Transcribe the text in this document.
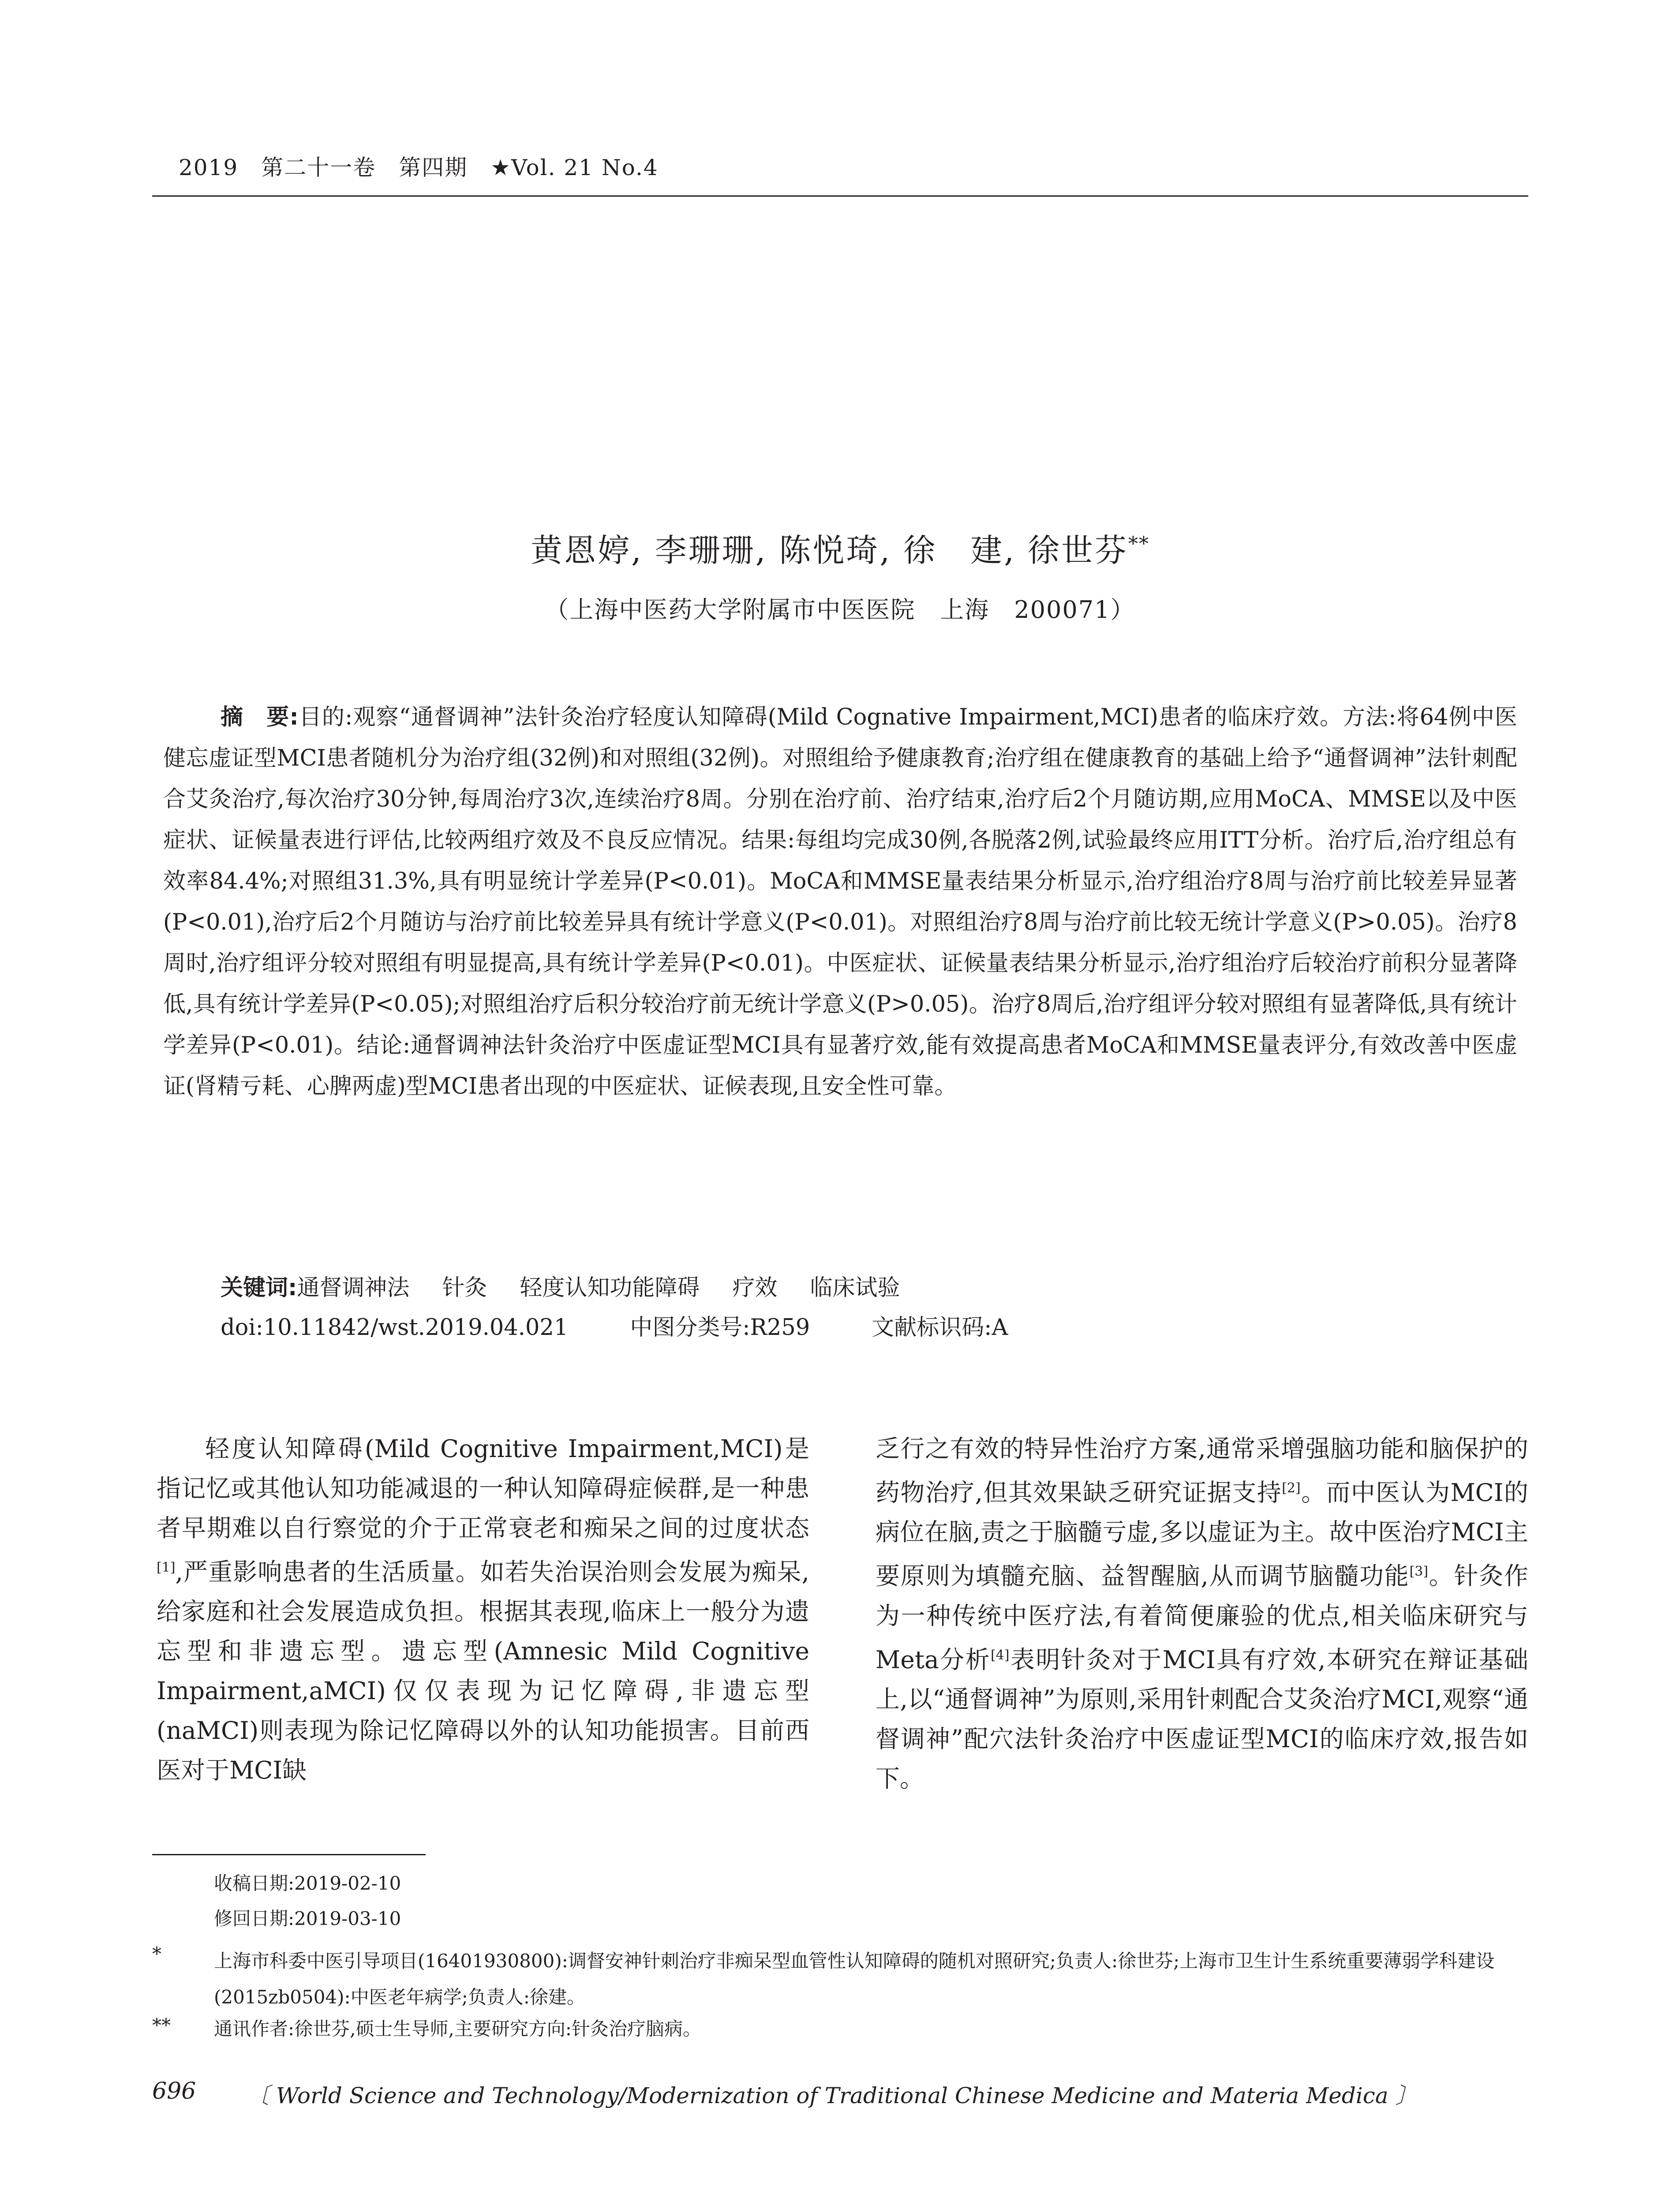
2019 第二十一卷 第四期 ★Vol. 21 No.4
黄恩婷, 李珊珊, 陈悦琦, 徐　建, 徐世芬**
（上海中医药大学附属市中医医院　上海　200071）
摘　要:目的:观察“通督调神”法针灸治疗轻度认知障碍(Mild Cognative Impairment,MCI)患者的临床疗效。方法:将64例中医健忘虚证型MCI患者随机分为治疗组(32例)和对照组(32例)。对照组给予健康教育;治疗组在健康教育的基础上给予“通督调神”法针刺配合艾灸治疗,每次治疗30分钟,每周治疗3次,连续治疗8周。分别在治疗前、治疗结束,治疗后2个月随访期,应用MoCA、MMSE以及中医症状、证候量表进行评估,比较两组疗效及不良反应情况。结果:每组均完成30例,各脱落2例,试验最终应用ITT分析。治疗后,治疗组总有效率84.4%;对照组31.3%,具有明显统计学差异(P<0.01)。MoCA和MMSE量表结果分析显示,治疗组治疗8周与治疗前比较差异显著(P<0.01),治疗后2个月随访与治疗前比较差异具有统计学意义(P<0.01)。对照组治疗8周与治疗前比较无统计学意义(P>0.05)。治疗8周时,治疗组评分较对照组有明显提高,具有统计学差异(P<0.01)。中医症状、证候量表结果分析显示,治疗组治疗后较治疗前积分显著降低,具有统计学差异(P<0.05);对照组治疗后积分较治疗前无统计学意义(P>0.05)。治疗8周后,治疗组评分较对照组有显著降低,具有统计学差异(P<0.01)。结论:通督调神法针灸治疗中医虚证型MCI具有显著疗效,能有效提高患者MoCA和MMSE量表评分,有效改善中医虚证(肾精亏耗、心脾两虚)型MCI患者出现的中医症状、证候表现,且安全性可靠。
关键词:通督调神法 针灸 轻度认知功能障碍 疗效 临床试验
doi:10.11842/wst.2019.04.021	中图分类号:R259	文献标识码:A

轻度认知障碍(Mild Cognitive Impairment,MCI)是指记忆或其他认知功能减退的一种认知障碍症候群,是一种患者早期难以自行察觉的介于正常衰老和痴呆之间的过度状态[1],严重影响患者的生活质量。如若失治误治则会发展为痴呆,给家庭和社会发展造成负担。根据其表现,临床上一般分为遗忘型和非遗忘型。遗忘型(Amnesic Mild Cognitive Impairment,aMCI)仅仅表现为记忆障碍,非遗忘型(naMCI)则表现为除记忆障碍以外的认知功能损害。目前西医对于MCI缺

乏行之有效的特异性治疗方案,通常采增强脑功能和脑保护的药物治疗,但其效果缺乏研究证据支持[2]。而中医认为MCI的病位在脑,责之于脑髓亏虚,多以虚证为主。故中医治疗MCI主要原则为填髓充脑、益智醒脑,从而调节脑髓功能[3]。针灸作为一种传统中医疗法,有着简便廉验的优点,相关临床研究与Meta分析[4]表明针灸对于MCI具有疗效,本研究在辩证基础上,以“通督调神”为原则,采用针刺配合艾灸治疗MCI,观察“通督调神”配穴法针灸治疗中医虚证型MCI的临床疗效,报告如下。

收稿日期:2019-02-10
修回日期:2019-03-10
*	上海市科委中医引导项目(16401930800):调督安神针刺治疗非痴呆型血管性认知障碍的随机对照研究;负责人:徐世芬;上海市卫生计生系统重要薄弱学科建设(2015zb0504):中医老年病学;负责人:徐建。
** 通讯作者:徐世芬,硕士生导师,主要研究方向:针灸治疗脑病。
696 〔 World Science and Technology/Modernization of Traditional Chinese Medicine and Materia Medica 〕
